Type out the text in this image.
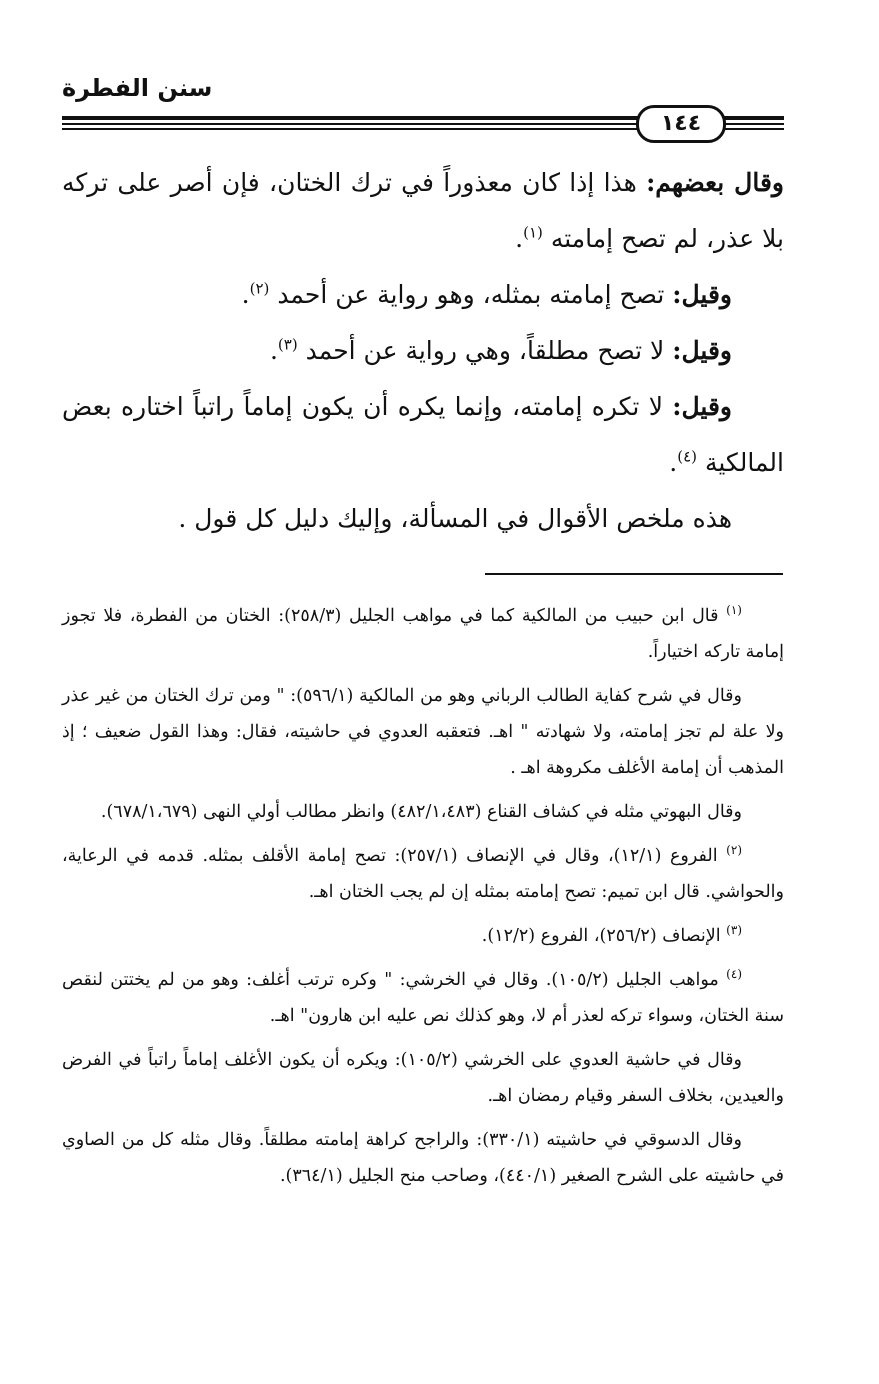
سنن الفطرة
١٤٤

وقال بعضهم: هذا إذا كان معذوراً في ترك الختان، فإن أصر على تركه بلا عذر، لم تصح إمامته $^{(١)}$.

وقيل: تصح إمامته بمثله، وهو رواية عن أحمد $^{(٢)}$.

وقيل: لا تصح مطلقاً، وهي رواية عن أحمد $^{(٣)}$.

وقيل: لا تكره إمامته، وإنما يكره أن يكون إماماً راتباً اختاره بعض المالكية $^{(٤)}$.

هذه ملخص الأقوال في المسألة، وإليك دليل كل قول .

$^{(١)}$ قال ابن حبيب من المالكية كما في مواهب الجليل (٢٥٨/٣): الختان من الفطرة، فلا تجوز إمامة تاركه اختياراً.

وقال في شرح كفاية الطالب الرباني وهو من المالكية (٥٩٦/١): " ومن ترك الختان من غير عذر ولا علة لم تجز إمامته، ولا شهادته " اهـ. فتعقبه العدوي في حاشيته، فقال: وهذا القول ضعيف ؛ إذ المذهب أن إمامة الأغلف مكروهة اهـ .

وقال البهوتي مثله في كشاف القناع (٤٨٢/١،٤٨٣) وانظر مطالب أولي النهى (٦٧٨/١،٦٧٩).

$^{(٢)}$ الفروع (١٢/١)، وقال في الإنصاف (٢٥٧/١): تصح إمامة الأقلف بمثله. قدمه في الرعاية، والحواشي. قال ابن تميم: تصح إمامته بمثله إن لم يجب الختان اهـ.

$^{(٣)}$ الإنصاف (٢٥٦/٢)، الفروع (١٢/٢).

$^{(٤)}$ مواهب الجليل (١٠٥/٢). وقال في الخرشي: " وكره ترتب أغلف: وهو من لم يختتن لنقص سنة الختان، وسواء تركه لعذر أم لا، وهو كذلك نص عليه ابن هارون" اهـ.

وقال في حاشية العدوي على الخرشي (١٠٥/٢): ويكره أن يكون الأغلف إماماً راتباً في الفرض والعيدين، بخلاف السفر وقيام رمضان اهـ.

وقال الدسوقي في حاشيته (٣٣٠/١): والراجح كراهة إمامته مطلقاً. وقال مثله كل من الصاوي في حاشيته على الشرح الصغير (٤٤٠/١)، وصاحب منح الجليل (٣٦٤/١).
